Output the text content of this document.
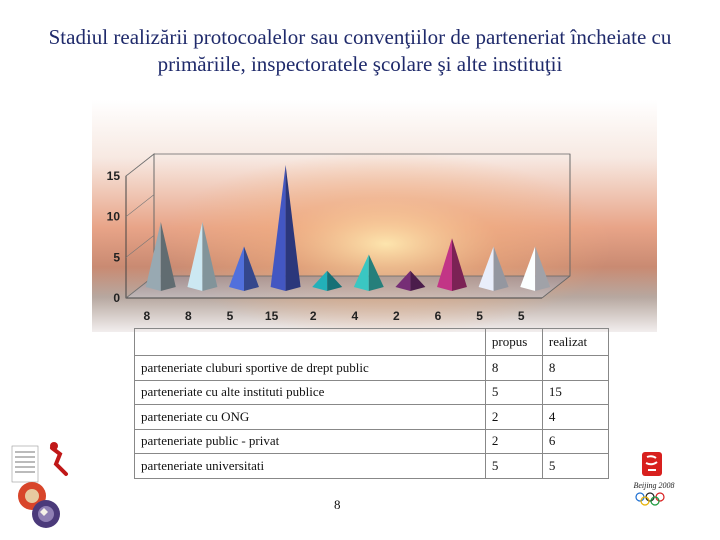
Stadiul realizării protocoalelor sau convenţiilor de parteneriat încheiate cu primăriile, inspectoratele şcolare şi alte instituţii
0
5
10
15
8	8	5	15	2	4	2	6	5	5
	propus	realizat
parteneriate cluburi sportive de drept public	8	8
parteneriate cu alte instituti publice	5	15
parteneriate cu ONG	2	4
parteneriate public - privat	2	6
parteneriate universitati	5	5
8
Beijing 2008
